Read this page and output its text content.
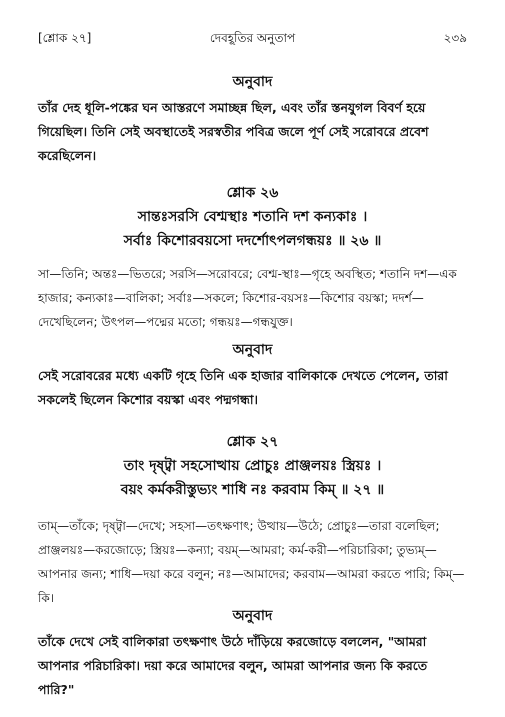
[শ্লোক ২৭]	দেবহূতির অনুতাপ	২৩৯
অনুবাদ

তাঁর দেহ ধূলি-পঙ্কের ঘন আস্তরণে সমাচ্ছন্ন ছিল, এবং তাঁর স্তনযুগল বিবর্ণ হয়ে গিয়েছিল। তিনি সেই অবস্থাতেই সরস্বতীর পবিত্র জলে পূর্ণ সেই সরোবরে প্রবেশ করেছিলেন।

শ্লোক ২৬
সান্তঃসরসি বেশ্মস্থাঃ শতানি দশ কন্যকাঃ ।
সর্বাঃ কিশোরবয়সো দদর্শোৎপলগন্ধয়ঃ ॥ ২৬ ॥

সা—তিনি; অন্তঃ—ভিতরে; সরসি—সরোবরে; বেশ্ম-স্থাঃ—গৃহে অবস্থিত; শতানি দশ—এক হাজার; কন্যকাঃ—বালিকা; সর্বাঃ—সকলে; কিশোর-বয়সঃ—কিশোর বয়স্কা; দদর্শ—দেখেছিলেন; উৎপল—পদ্মের মতো; গন্ধয়ঃ—গন্ধযুক্ত।

অনুবাদ

সেই সরোবরের মধ্যে একটি গৃহে তিনি এক হাজার বালিকাকে দেখতে পেলেন, তারা সকলেই ছিলেন কিশোর বয়স্কা এবং পদ্মগন্ধা।

শ্লোক ২৭
তাং দৃষ্ট্বা সহসোত্থায় প্রোচুঃ প্রাঞ্জলয়ঃ স্ত্রিয়ঃ ।
বয়ং কর্মকরীস্তুভ্যং শাধি নঃ করবাম কিম্ ॥ ২৭ ॥

তাম্—তাঁকে; দৃষ্ট্বা—দেখে; সহসা—তৎক্ষণাৎ; উত্থায়—উঠে; প্রোচুঃ—তারা বলেছিল; প্রাঞ্জলয়ঃ—করজোড়ে; স্ত্রিয়ঃ—কন্যা; বয়ম্—আমরা; কর্ম-করী—পরিচারিকা; তুভ্যম্—আপনার জন্য; শাধি—দয়া করে বলুন; নঃ—আমাদের; করবাম—আমরা করতে পারি; কিম্—কি।

অনুবাদ

তাঁকে দেখে সেই বালিকারা তৎক্ষণাৎ উঠে দাঁড়িয়ে করজোড়ে বললেন, "আমরা আপনার পরিচারিকা। দয়া করে আমাদের বলুন, আমরা আপনার জন্য কি করতে পারি?"
